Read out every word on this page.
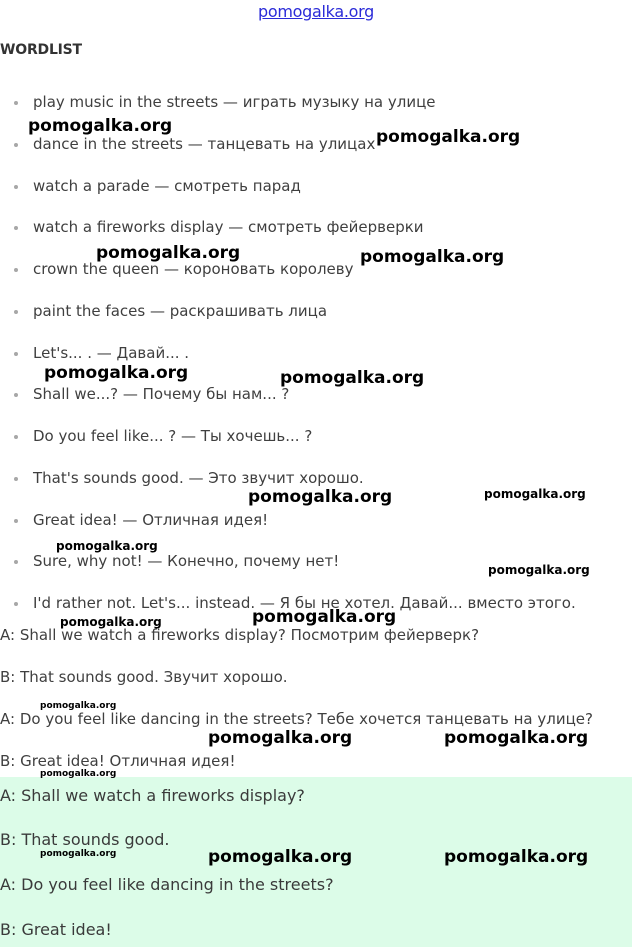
pomogalka.org
WORDLIST
play music in the streets — играть музыку на улице
dance in the streets — танцевать на улицах
watch a parade — смотреть парад
watch a fireworks display — смотреть фейерверки
crown the queen — короновать королеву
paint the faces — раскрашивать лица
Let's... . — Давай... .
Shall we...? — Почему бы нам... ?
Do you feel like... ? — Ты хочешь... ?
That's sounds good. — Это звучит хорошо.
Great idea! — Отличная идея!
Sure, why not! — Конечно, почему нет!
I'd rather not. Let's... instead. — Я бы не хотел. Давай... вместо этого.
A: Shall we watch a fireworks display? Посмотрим фейерверк?
B: That sounds good. Звучит хорошо.
A: Do you feel like dancing in the streets? Тебе хочется танцевать на улице?
B: Great idea! Отличная идея!
A: Shall we watch a fireworks display?
B: That sounds good.
A: Do you feel like dancing in the streets?
B: Great idea!
pomogalka.org
pomogalka.org
pomogalka.org	pomogalka.org
pomogalka.org	pomogalka.org
pomogalka.org	pomogalka.org
pomogalka.org
pomogalka.org
pomogalka.org	pomogalka.org
pomogalka.org
pomogalka.org	pomogalka.org
pomogalka.org
pomogalka.org	pomogalka.org	pomogalka.org
